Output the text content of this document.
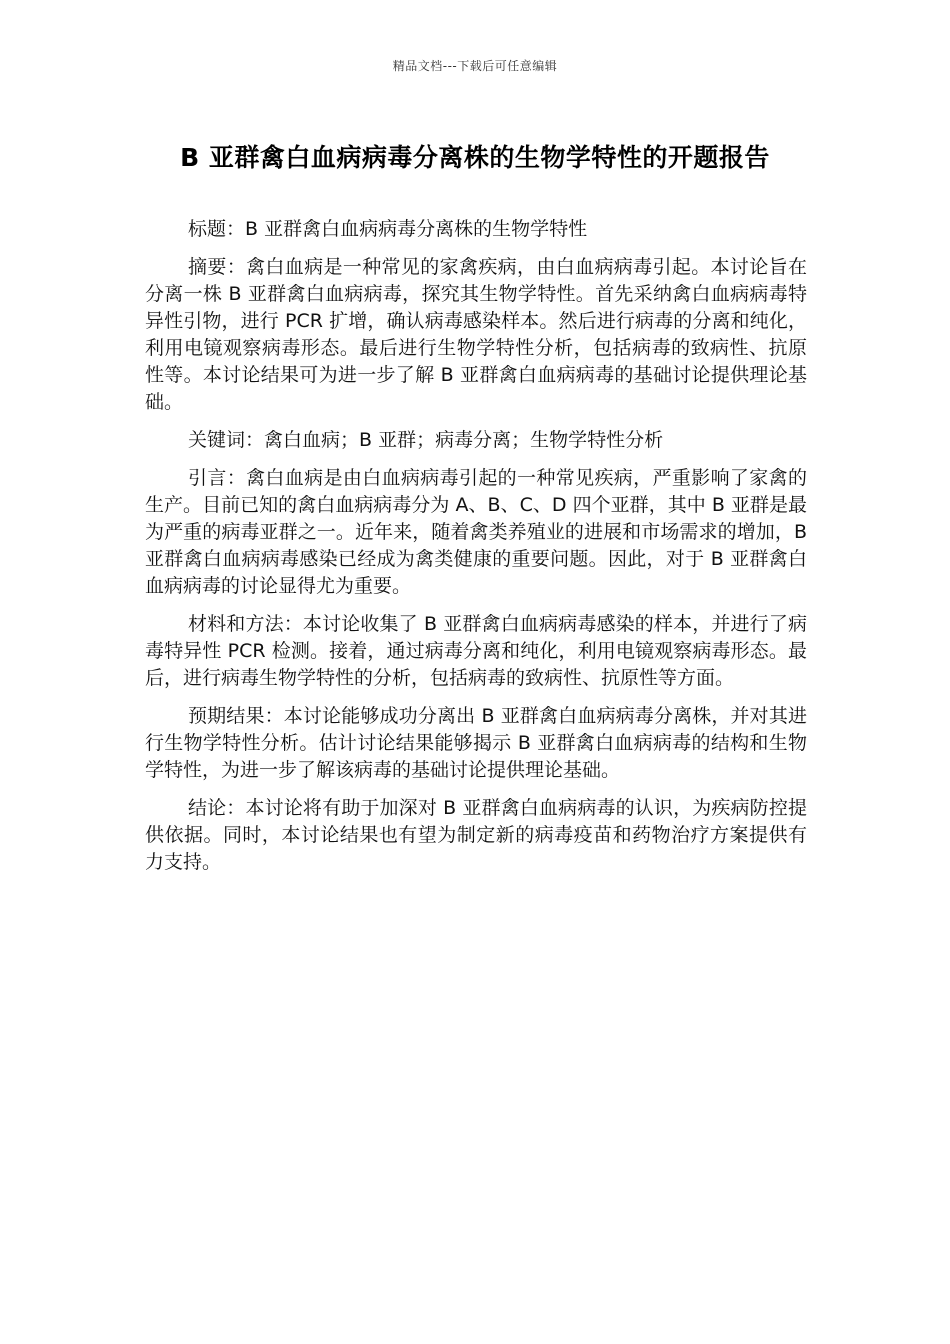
精品文档---下载后可任意编辑
B 亚群禽白血病病毒分离株的生物学特性的开题报告

标题：B 亚群禽白血病病毒分离株的生物学特性

摘要：禽白血病是一种常见的家禽疾病，由白血病病毒引起。本讨论旨在分离一株 B 亚群禽白血病病毒，探究其生物学特性。首先采纳禽白血病病毒特异性引物，进行 PCR 扩增，确认病毒感染样本。然后进行病毒的分离和纯化，利用电镜观察病毒形态。最后进行生物学特性分析，包括病毒的致病性、抗原性等。本讨论结果可为进一步了解 B 亚群禽白血病病毒的基础讨论提供理论基础。

关键词：禽白血病；B 亚群；病毒分离；生物学特性分析

引言：禽白血病是由白血病病毒引起的一种常见疾病，严重影响了家禽的生产。目前已知的禽白血病病毒分为 A、B、C、D 四个亚群，其中 B 亚群是最为严重的病毒亚群之一。近年来，随着禽类养殖业的进展和市场需求的增加，B 亚群禽白血病病毒感染已经成为禽类健康的重要问题。因此，对于 B 亚群禽白血病病毒的讨论显得尤为重要。

材料和方法：本讨论收集了 B 亚群禽白血病病毒感染的样本，并进行了病毒特异性 PCR 检测。接着，通过病毒分离和纯化，利用电镜观察病毒形态。最后，进行病毒生物学特性的分析，包括病毒的致病性、抗原性等方面。

预期结果：本讨论能够成功分离出 B 亚群禽白血病病毒分离株，并对其进行生物学特性分析。估计讨论结果能够揭示 B 亚群禽白血病病毒的结构和生物学特性，为进一步了解该病毒的基础讨论提供理论基础。

结论：本讨论将有助于加深对 B 亚群禽白血病病毒的认识，为疾病防控提供依据。同时，本讨论结果也有望为制定新的病毒疫苗和药物治疗方案提供有力支持。
